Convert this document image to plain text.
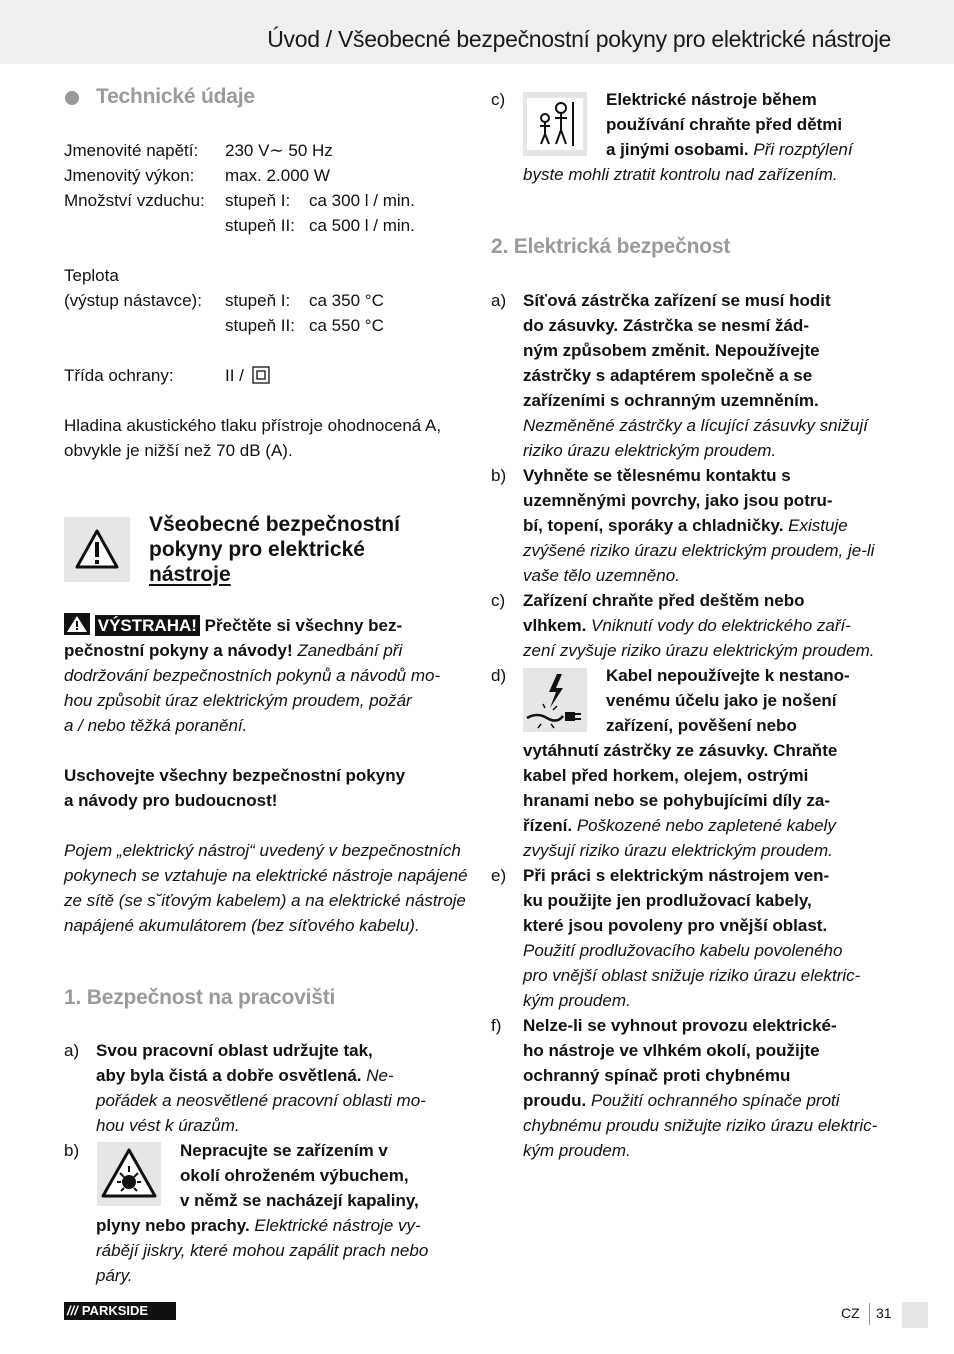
Úvod / Všeobecné bezpečnostní pokyny pro elektrické nástroje
Technické údaje
Jmenovité napětí: 230 V∼ 50 Hz
Jmenovitý výkon: max. 2.000 W
Množství vzduchu: stupeň I: ca 300 l / min.
stupeň II: ca 500 l / min.
Teplota
(výstup nástavce): stupeň I: ca 350 °C
stupeň II: ca 550 °C
Třída ochrany:	II /
Hladina akustického tlaku přístroje ohodnocená A,
obvykle je nižší než 70 dB (A).
Všeobecné bezpečnostní
pokyny pro elektrické
nástroje
VÝSTRAHA! Přečtěte si všechny bez-
pečnostní pokyny a návody! Zanedbání při
dodržování bezpečnostních pokynů a návodů mo-
hou způsobit úraz elektrickým proudem, požár
a / nebo těžká poranění.
Uschovejte všechny bezpečnostní pokyny
a návody pro budoucnost!
Pojem „elektrický nástroj“ uvedený v bezpečnostních
pokynech se vztahuje na elektrické nástroje napájené
ze sítě (se s˘iťovým kabelem) a na elektrické nástroje
napájené akumulátorem (bez síťového kabelu).
1. Bezpečnost na pracovišti
a) Svou pracovní oblast udržujte tak,
aby byla čistá a dobře osvětlená. Ne-
pořádek a neosvětlené pracovní oblasti mo-
hou vést k úrazům.
b)	Nepracujte se zařízením v
okolí ohroženém výbuchem,
v němž se nacházejí kapaliny,
plyny nebo prachy. Elektrické nástroje vy-
rábějí jiskry, které mohou zapálit prach nebo
páry.
c)	Elektrické nástroje během
používání chraňte před dětmi
a jinými osobami. Při rozptýlení
byste mohli ztratit kontrolu nad zařízením.
2. Elektrická bezpečnost
a) Síťová zástrčka zařízení se musí hodit
do zásuvky. Zástrčka se nesmí žád-
ným způsobem změnit. Nepoužívejte
zástrčky s adaptérem společně a se
zařízeními s ochranným uzemněním.
Nezměněné zástrčky a lícující zásuvky snižují
riziko úrazu elektrickým proudem.
b) Vyhněte se tělesnému kontaktu s
uzemněnými povrchy, jako jsou potru-
bí, topení, sporáky a chladničky. Existuje
zvýšené riziko úrazu elektrickým proudem, je-li
vaše tělo uzemněno.
c) Zařízení chraňte před deštěm nebo
vlhkem. Vniknutí vody do elektrického zaří-
zení zvyšuje riziko úrazu elektrickým proudem.
d)	Kabel nepoužívejte k nestano-
venému účelu jako je nošení
zařízení, pověšení nebo
vytáhnutí zástrčky ze zásuvky. Chraňte
kabel před horkem, olejem, ostrými
hranami nebo se pohybujícími díly za-
řízení. Poškozené nebo zapletené kabely
zvyšují riziko úrazu elektrickým proudem.
e) Při práci s elektrickým nástrojem ven-
ku použijte jen prodlužovací kabely,
které jsou povoleny pro vnější oblast.
Použití prodlužovacího kabelu povoleného
pro vnější oblast snižuje riziko úrazu elektric-
kým proudem.
f) Nelze-li se vyhnout provozu elektrické-
ho nástroje ve vlhkém okolí, použijte
ochranný spínač proti chybnému
proudu. Použití ochranného spínače proti
chybnému proudu snižujte riziko úrazu elektric-
kým proudem.
/// PARKSIDE	CZ 31
